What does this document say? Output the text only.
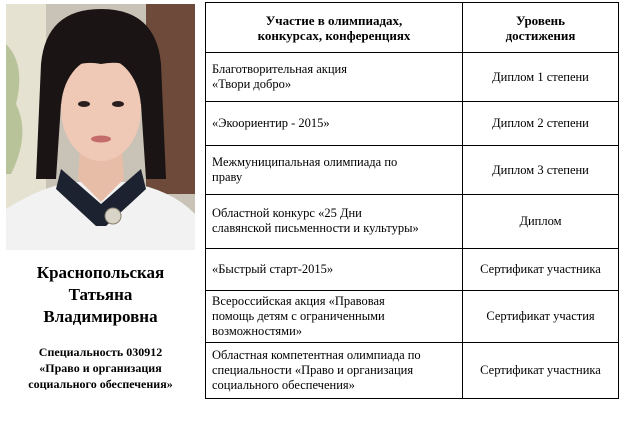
Краснопольская
Татьяна
Владимировна
Специальность 030912
«Право и организация
социального обеспечения»
Участие в олимпиадах,
конкурсах, конференциях	Уровень
достижения

Благотворительная акция
«Твори добро»	Диплом 1 степени

«Экоориентир - 2015»	Диплом 2 степени

Межмуниципальная олимпиада по
праву	Диплом 3 степени

Областной конкурс «25 Дни
славянской письменности и культуры»	Диплом

«Быстрый старт-2015»	Сертификат участника

Всероссийская акция «Правовая
помощь детям с ограниченными
возможностями»	Сертификат участия

Областная компетентная олимпиада по
специальности «Право и организация
социального обеспечения»	Сертификат участника
